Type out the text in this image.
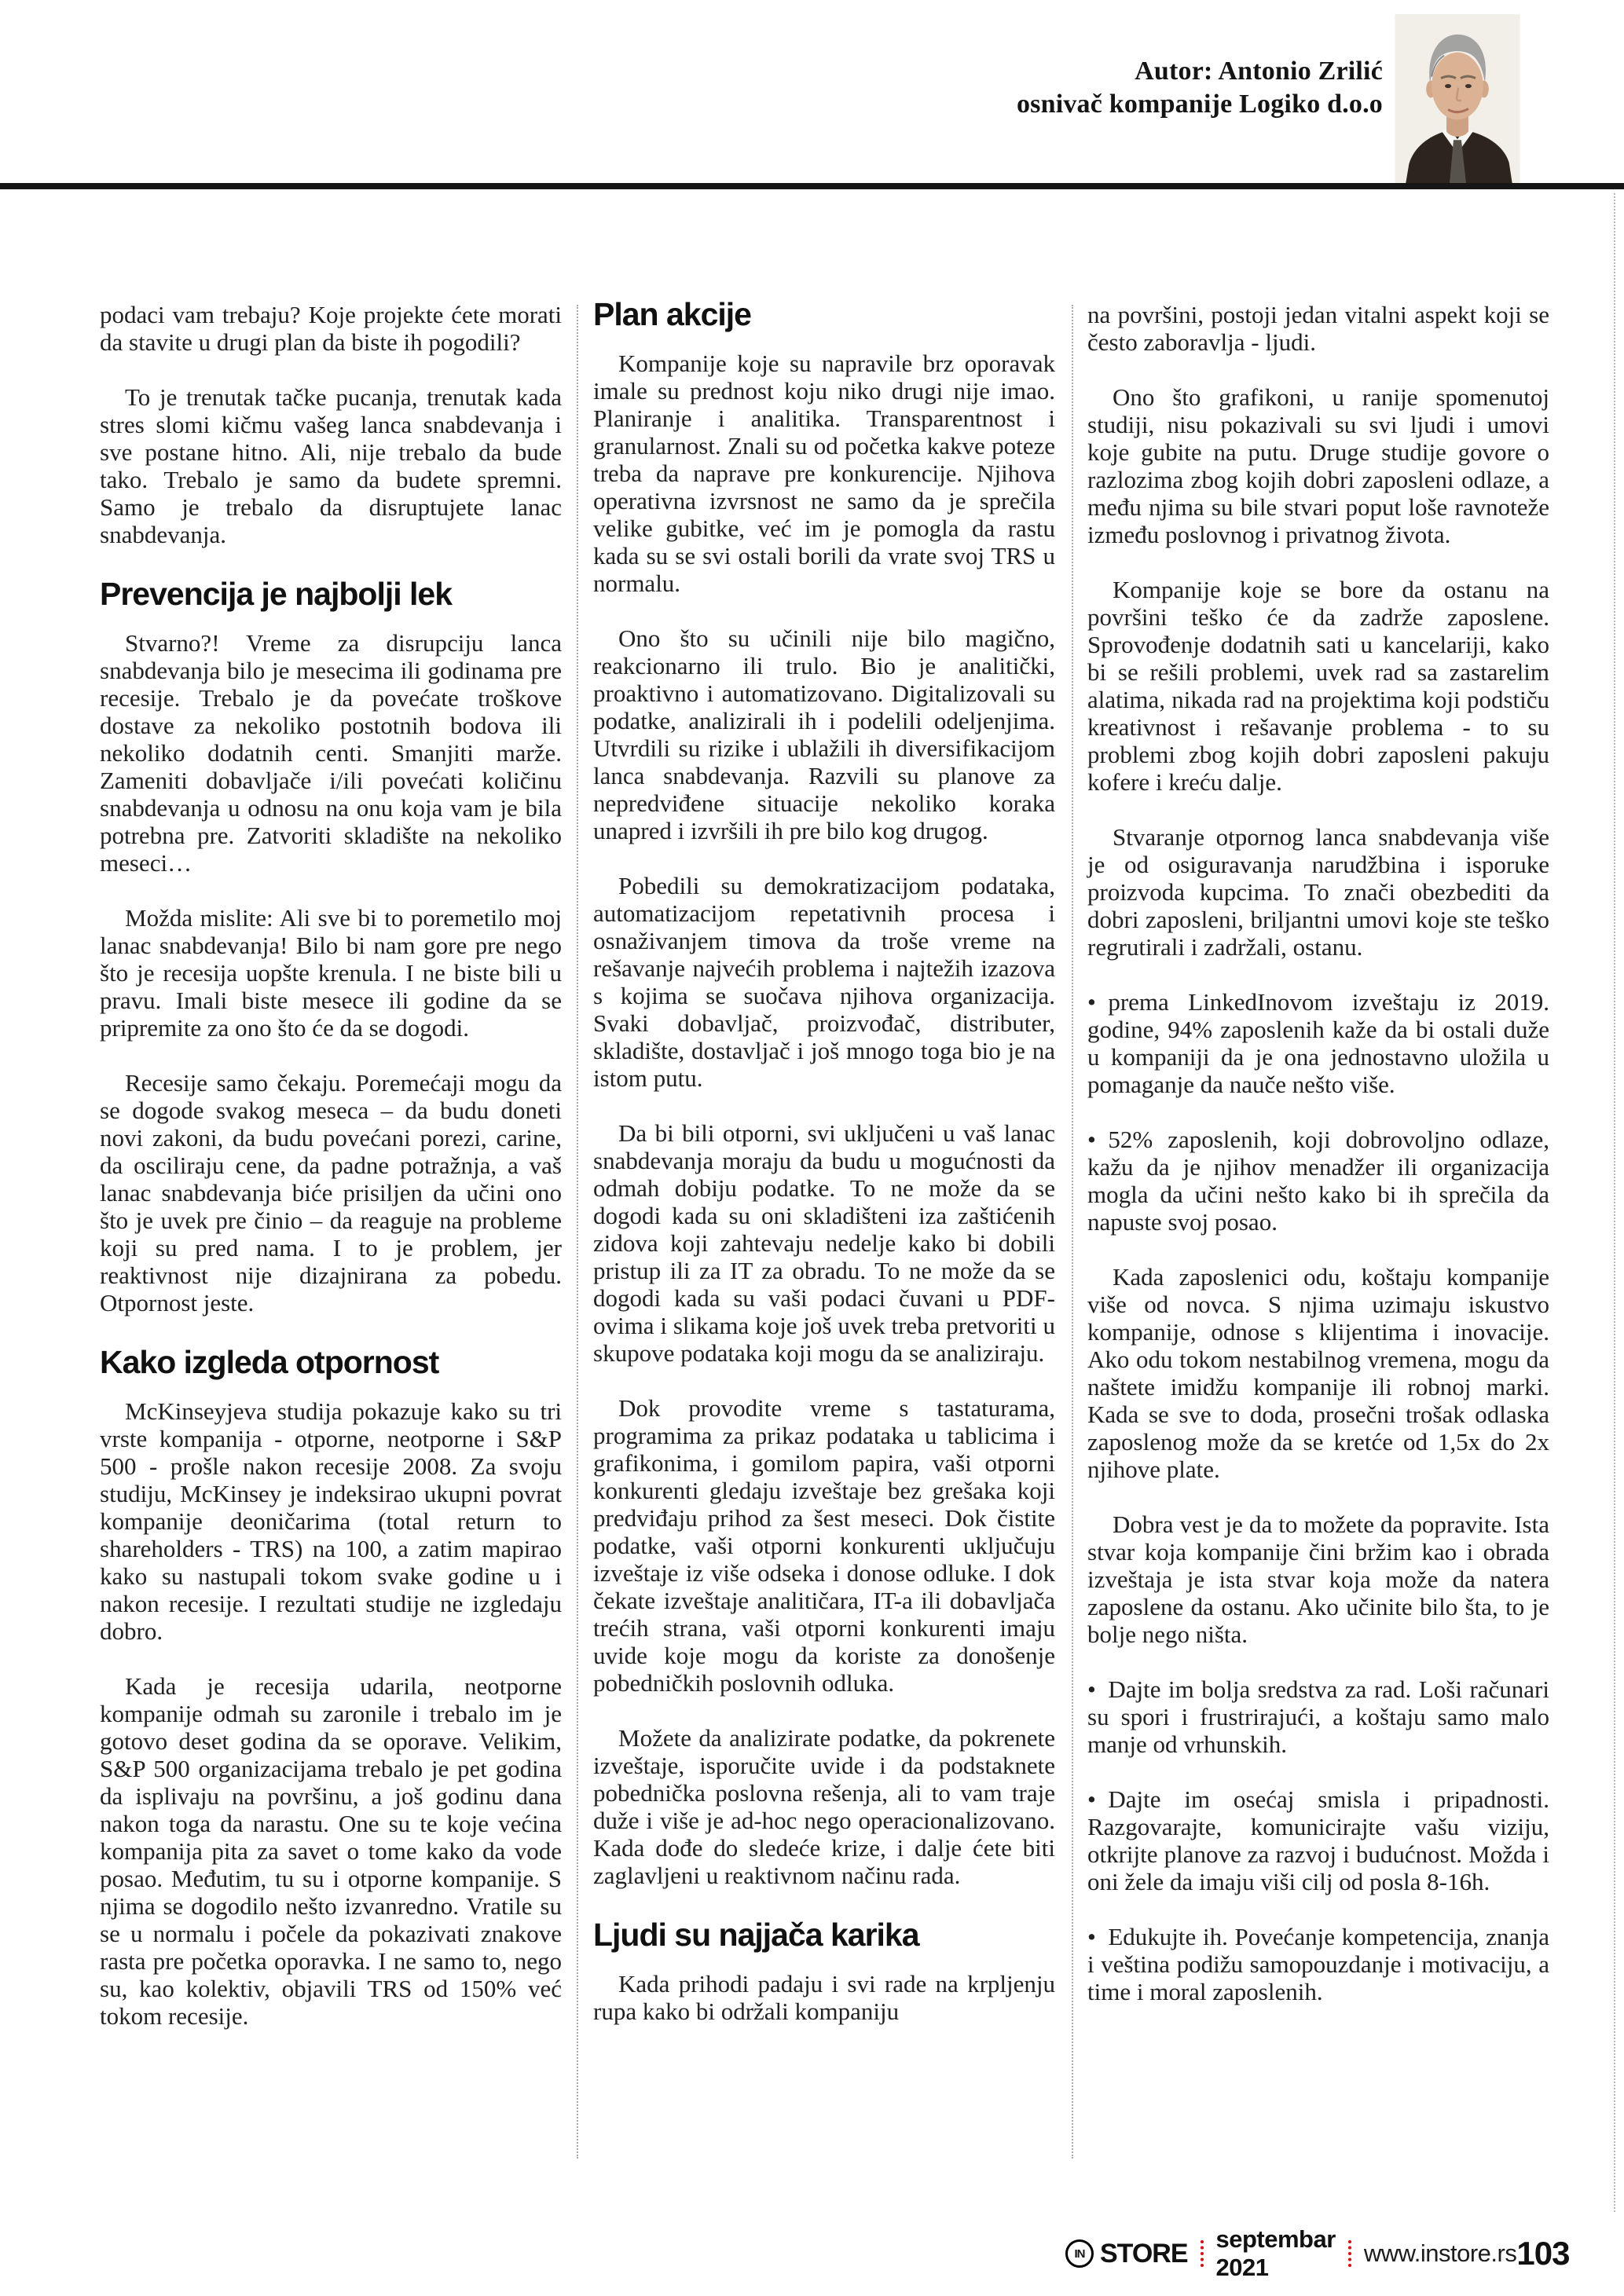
Autor: Antonio Zrilić
osnivač kompanije Logiko d.o.o

podaci vam trebaju? Koje projekte ćete morati da stavite u drugi plan da biste ih pogodili?

To je trenutak tačke pucanja, trenutak kada stres slomi kičmu vašeg lanca snabdevanja i sve postane hitno. Ali, nije trebalo da bude tako. Trebalo je samo da budete spremni. Samo je trebalo da disruptujete lanac snabdevanja.

Prevencija je najbolji lek

Stvarno?! Vreme za disrupciju lanca snabdevanja bilo je mesecima ili godinama pre recesije. Trebalo je da povećate troškove dostave za nekoliko postotnih bodova ili nekoliko dodatnih centi. Smanjiti marže. Zameniti dobavljače i/ili povećati količinu snabdevanja u odnosu na onu koja vam je bila potrebna pre. Zatvoriti skladište na nekoliko meseci…

Možda mislite: Ali sve bi to poremetilo moj lanac snabdevanja! Bilo bi nam gore pre nego što je recesija uopšte krenula. I ne biste bili u pravu. Imali biste mesece ili godine da se pripremite za ono što će da se dogodi.

Recesije samo čekaju. Poremećaji mogu da se dogode svakog meseca – da budu doneti novi zakoni, da budu povećani porezi, carine, da osciliraju cene, da padne potražnja, a vaš lanac snabdevanja biće prisiljen da učini ono što je uvek pre činio – da reaguje na probleme koji su pred nama. I to je problem, jer reaktivnost nije dizajnirana za pobedu. Otpornost jeste.

Kako izgleda otpornost

McKinseyjeva studija pokazuje kako su tri vrste kompanija - otporne, neotporne i S&P 500 - prošle nakon recesije 2008. Za svoju studiju, McKinsey je indeksirao ukupni povrat kompanije deoničarima (total return to shareholders - TRS) na 100, a zatim mapirao kako su nastupali tokom svake godine u i nakon recesije. I rezultati studije ne izgledaju dobro.

Kada je recesija udarila, neotporne kompanije odmah su zaronile i trebalo im je gotovo deset godina da se oporave. Velikim, S&P 500 organizacijama trebalo je pet godina da isplivaju na površinu, a još godinu dana nakon toga da narastu. One su te koje većina kompanija pita za savet o tome kako da vode posao. Međutim, tu su i otporne kompanije. S njima se dogodilo nešto izvanredno. Vratile su se u normalu i počele da pokazivati znakove rasta pre početka oporavka. I ne samo to, nego su, kao kolektiv, objavili TRS od 150% već tokom recesije.

Plan akcije

Kompanije koje su napravile brz oporavak imale su prednost koju niko drugi nije imao. Planiranje i analitika. Transparentnost i granularnost. Znali su od početka kakve poteze treba da naprave pre konkurencije. Njihova operativna izvrsnost ne samo da je sprečila velike gubitke, već im je pomogla da rastu kada su se svi ostali borili da vrate svoj TRS u normalu.

Ono što su učinili nije bilo magično, reakcionarno ili trulo. Bio je analitički, proaktivno i automatizovano. Digitalizovali su podatke, analizirali ih i podelili odeljenjima. Utvrdili su rizike i ublažili ih diversifikacijom lanca snabdevanja. Razvili su planove za nepredviđene situacije nekoliko koraka unapred i izvršili ih pre bilo kog drugog.

Pobedili su demokratizacijom podataka, automatizacijom repetativnih procesa i osnaživanjem timova da troše vreme na rešavanje najvećih problema i najtežih izazova s kojima se suočava njihova organizacija. Svaki dobavljač, proizvođač, distributer, skladište, dostavljač i još mnogo toga bio je na istom putu.

Da bi bili otporni, svi uključeni u vaš lanac snabdevanja moraju da budu u mogućnosti da odmah dobiju podatke. To ne može da se dogodi kada su oni skladišteni iza zaštićenih zidova koji zahtevaju nedelje kako bi dobili pristup ili za IT za obradu. To ne može da se dogodi kada su vaši podaci čuvani u PDF-ovima i slikama koje još uvek treba pretvoriti u skupove podataka koji mogu da se analiziraju.

Dok provodite vreme s tastaturama, programima za prikaz podataka u tablicima i grafikonima, i gomilom papira, vaši otporni konkurenti gledaju izveštaje bez grešaka koji predviđaju prihod za šest meseci. Dok čistite podatke, vaši otporni konkurenti uključuju izveštaje iz više odseka i donose odluke. I dok čekate izveštaje analitičara, IT-a ili dobavljača trećih strana, vaši otporni konkurenti imaju uvide koje mogu da koriste za donošenje pobedničkih poslovnih odluka.

Možete da analizirate podatke, da pokrenete izveštaje, isporučite uvide i da podstaknete pobednička poslovna rešenja, ali to vam traje duže i više je ad-hoc nego operacionalizovano. Kada dođe do sledeće krize, i dalje ćete biti zaglavljeni u reaktivnom načinu rada.

Ljudi su najjača karika

Kada prihodi padaju i svi rade na krpljenju rupa kako bi održali kompaniju

na površini, postoji jedan vitalni aspekt koji se često zaboravlja - ljudi.

Ono što grafikoni, u ranije spomenutoj studiji, nisu pokazivali su svi ljudi i umovi koje gubite na putu. Druge studije govore o razlozima zbog kojih dobri zaposleni odlaze, a među njima su bile stvari poput loše ravnoteže između poslovnog i privatnog života.

Kompanije koje se bore da ostanu na površini teško će da zadrže zaposlene. Sprovođenje dodatnih sati u kancelariji, kako bi se rešili problemi, uvek rad sa zastarelim alatima, nikada rad na projektima koji podstiču kreativnost i rešavanje problema - to su problemi zbog kojih dobri zaposleni pakuju kofere i kreću dalje.

Stvaranje otpornog lanca snabdevanja više je od osiguravanja narudžbina i isporuke proizvoda kupcima. To znači obezbediti da dobri zaposleni, briljantni umovi koje ste teško regrutirali i zadržali, ostanu.

• prema LinkedInovom izveštaju iz 2019. godine, 94% zaposlenih kaže da bi ostali duže u kompaniji da je ona jednostavno uložila u pomaganje da nauče nešto više.

• 52% zaposlenih, koji dobrovoljno odlaze, kažu da je njihov menadžer ili organizacija mogla da učini nešto kako bi ih sprečila da napuste svoj posao.

Kada zaposlenici odu, koštaju kompanije više od novca. S njima uzimaju iskustvo kompanije, odnose s klijentima i inovacije. Ako odu tokom nestabilnog vremena, mogu da naštete imidžu kompanije ili robnoj marki. Kada se sve to doda, prosečni trošak odlaska zaposlenog može da se kretće od 1,5x do 2x njihove plate.

Dobra vest je da to možete da popravite. Ista stvar koja kompanije čini bržim kao i obrada izveštaja je ista stvar koja može da natera zaposlene da ostanu. Ako učinite bilo šta, to je bolje nego ništa.

• Dajte im bolja sredstva za rad. Loši računari su spori i frustrirajući, a koštaju samo malo manje od vrhunskih.

• Dajte im osećaj smisla i pripadnosti. Razgovarajte, komunicirajte vašu viziju, otkrijte planove za razvoj i budućnost. Možda i oni žele da imaju viši cilj od posla 8-16h.

• Edukujte ih. Povećanje kompetencija, znanja i veština podižu samopouzdanje i motivaciju, a time i moral zaposlenih.

IN STORE septembar 2021
www.instore.rs 103
